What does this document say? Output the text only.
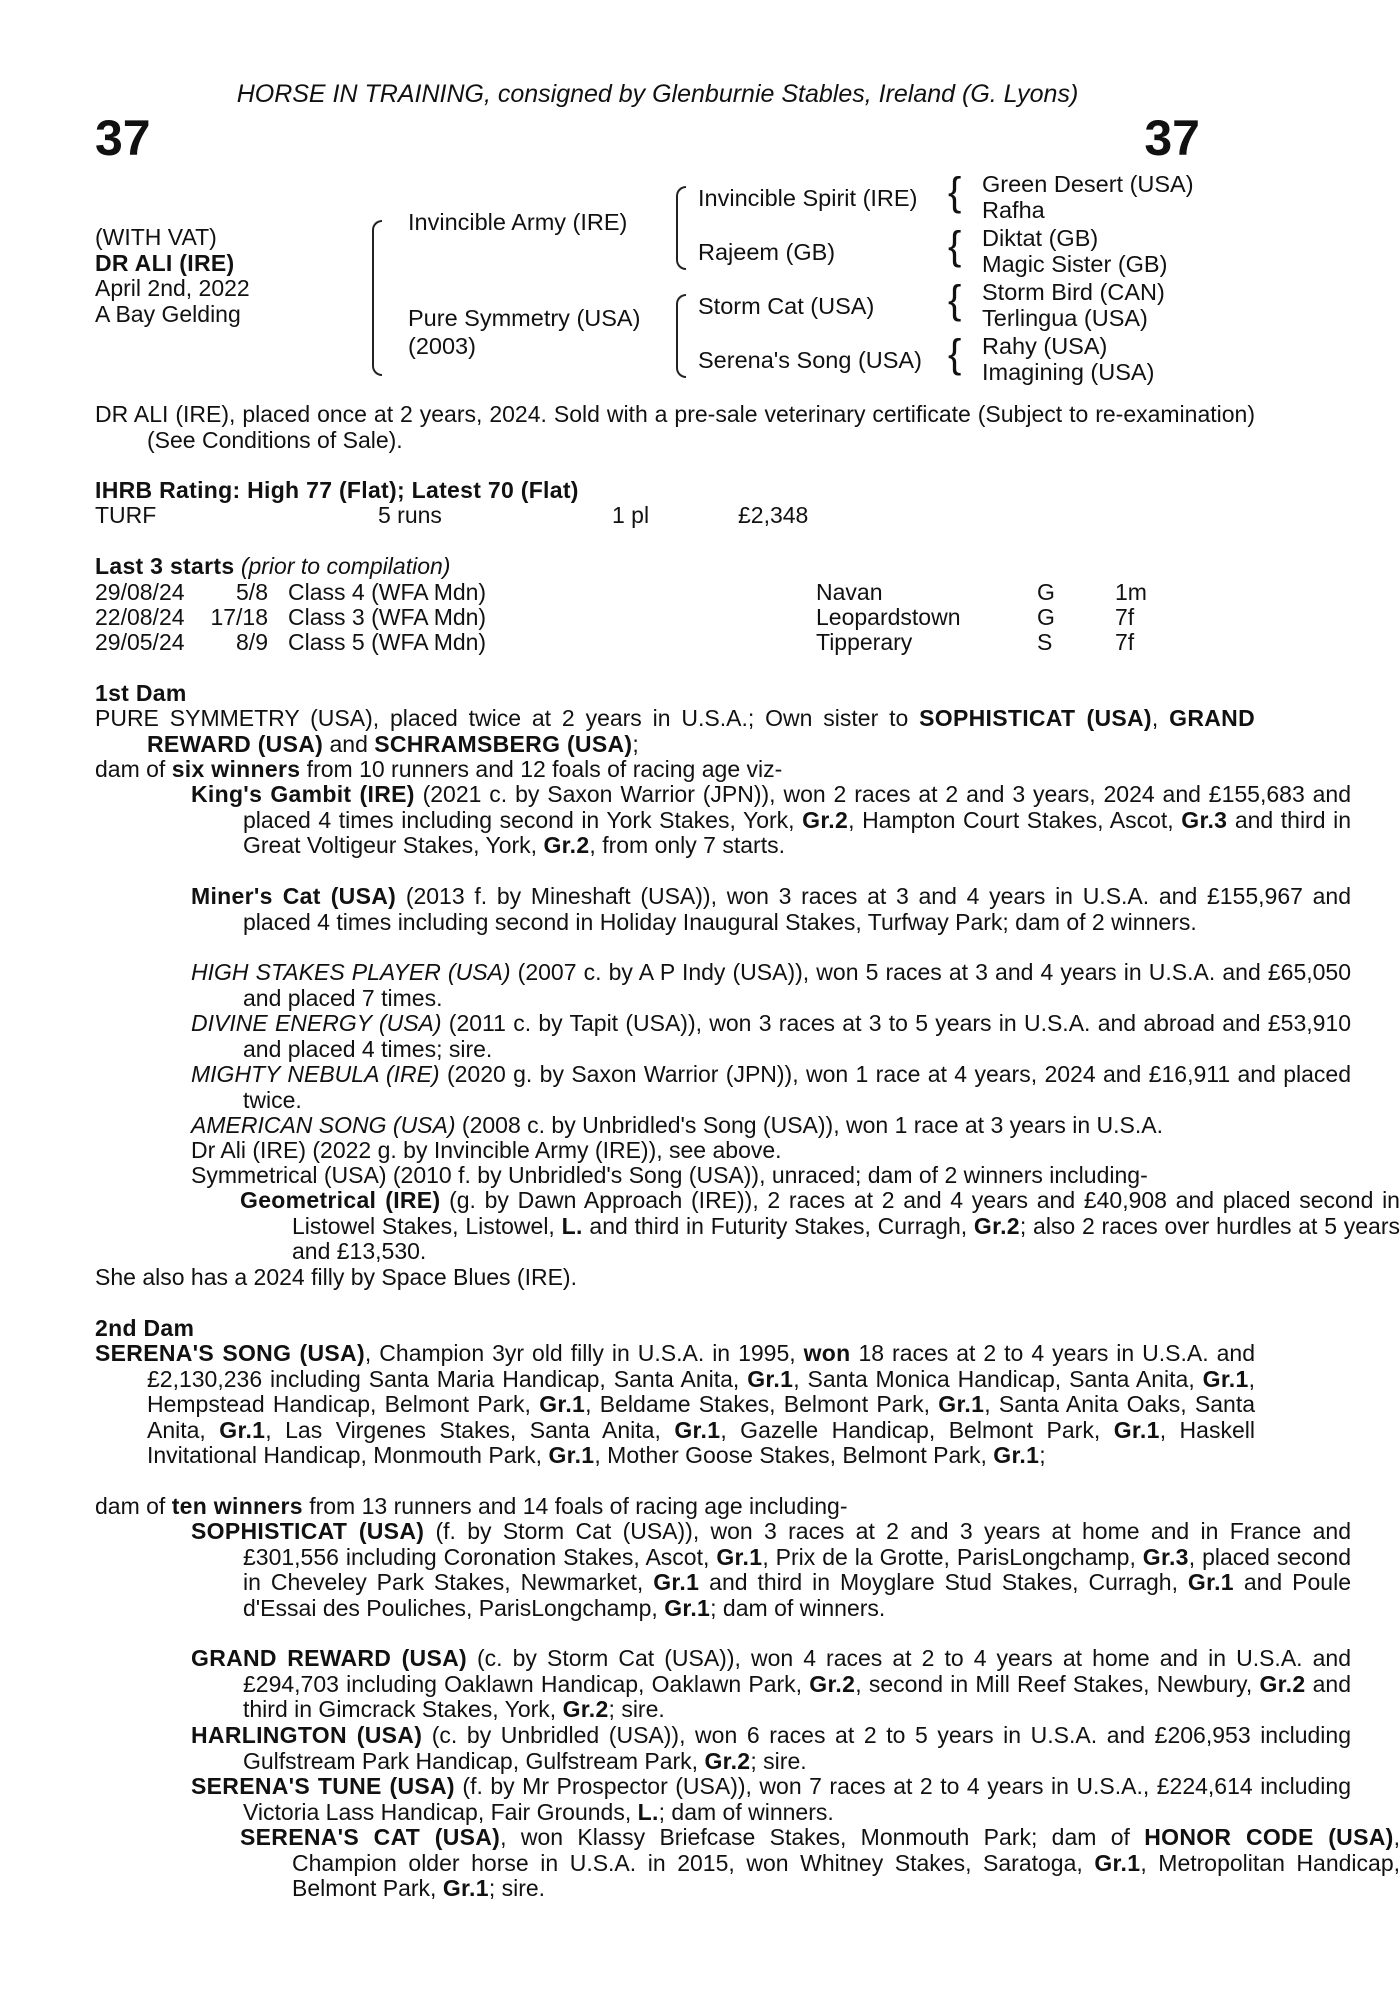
HORSE IN TRAINING, consigned by Glenburnie Stables, Ireland (G. Lyons)
37	37
(WITH VAT)
DR ALI (IRE)
April 2nd, 2022
A Bay Gelding
Invincible Army (IRE)
Pure Symmetry (USA)
(2003)
Invincible Spirit (IRE)
Rajeem (GB)
Storm Cat (USA)
Serena's Song (USA)
{
{
{
{
Green Desert (USA)
Rafha
Diktat (GB)
Magic Sister (GB)
Storm Bird (CAN)
Terlingua (USA)
Rahy (USA)
Imagining (USA)
DR ALI (IRE), placed once at 2 years, 2024. Sold with a pre-sale veterinary certificate (Subject to re-examination) (See Conditions of Sale).
IHRB Rating: High 77 (Flat); Latest 70 (Flat)
TURF	5 runs	1 pl	£2,348
Last 3 starts (prior to compilation)
29/08/24	5/8 Class 4 (WFA Mdn)	Navan	G	1m
22/08/24	17/18 Class 3 (WFA Mdn)	Leopardstown	G	7f
29/05/24	8/9 Class 5 (WFA Mdn)	Tipperary	S	7f
1st Dam
PURE SYMMETRY (USA), placed twice at 2 years in U.S.A.; Own sister to SOPHISTICAT (USA), GRAND REWARD (USA) and SCHRAMSBERG (USA);
dam of six winners from 10 runners and 12 foals of racing age viz-
King's Gambit (IRE) (2021 c. by Saxon Warrior (JPN)), won 2 races at 2 and 3 years, 2024 and £155,683 and placed 4 times including second in York Stakes, York, Gr.2, Hampton Court Stakes, Ascot, Gr.3 and third in Great Voltigeur Stakes, York, Gr.2, from only 7 starts.
Miner's Cat (USA) (2013 f. by Mineshaft (USA)), won 3 races at 3 and 4 years in U.S.A. and £155,967 and placed 4 times including second in Holiday Inaugural Stakes, Turfway Park; dam of 2 winners.
HIGH STAKES PLAYER (USA) (2007 c. by A P Indy (USA)), won 5 races at 3 and 4 years in U.S.A. and £65,050 and placed 7 times.
DIVINE ENERGY (USA) (2011 c. by Tapit (USA)), won 3 races at 3 to 5 years in U.S.A. and abroad and £53,910 and placed 4 times; sire.
MIGHTY NEBULA (IRE) (2020 g. by Saxon Warrior (JPN)), won 1 race at 4 years, 2024 and £16,911 and placed twice.
AMERICAN SONG (USA) (2008 c. by Unbridled's Song (USA)), won 1 race at 3 years in U.S.A.
Dr Ali (IRE) (2022 g. by Invincible Army (IRE)), see above.
Symmetrical (USA) (2010 f. by Unbridled's Song (USA)), unraced; dam of 2 winners including-
Geometrical (IRE) (g. by Dawn Approach (IRE)), 2 races at 2 and 4 years and £40,908 and placed second in Listowel Stakes, Listowel, L. and third in Futurity Stakes, Curragh, Gr.2; also 2 races over hurdles at 5 years and £13,530.
She also has a 2024 filly by Space Blues (IRE).
2nd Dam
SERENA'S SONG (USA), Champion 3yr old filly in U.S.A. in 1995, won 18 races at 2 to 4 years in U.S.A. and £2,130,236 including Santa Maria Handicap, Santa Anita, Gr.1, Santa Monica Handicap, Santa Anita, Gr.1, Hempstead Handicap, Belmont Park, Gr.1, Beldame Stakes, Belmont Park, Gr.1, Santa Anita Oaks, Santa Anita, Gr.1, Las Virgenes Stakes, Santa Anita, Gr.1, Gazelle Handicap, Belmont Park, Gr.1, Haskell Invitational Handicap, Monmouth Park, Gr.1, Mother Goose Stakes, Belmont Park, Gr.1;
dam of ten winners from 13 runners and 14 foals of racing age including-
SOPHISTICAT (USA) (f. by Storm Cat (USA)), won 3 races at 2 and 3 years at home and in France and £301,556 including Coronation Stakes, Ascot, Gr.1, Prix de la Grotte, ParisLongchamp, Gr.3, placed second in Cheveley Park Stakes, Newmarket, Gr.1 and third in Moyglare Stud Stakes, Curragh, Gr.1 and Poule d'Essai des Pouliches, ParisLongchamp, Gr.1; dam of winners.
GRAND REWARD (USA) (c. by Storm Cat (USA)), won 4 races at 2 to 4 years at home and in U.S.A. and £294,703 including Oaklawn Handicap, Oaklawn Park, Gr.2, second in Mill Reef Stakes, Newbury, Gr.2 and third in Gimcrack Stakes, York, Gr.2; sire.
HARLINGTON (USA) (c. by Unbridled (USA)), won 6 races at 2 to 5 years in U.S.A. and £206,953 including Gulfstream Park Handicap, Gulfstream Park, Gr.2; sire.
SERENA'S TUNE (USA) (f. by Mr Prospector (USA)), won 7 races at 2 to 4 years in U.S.A., £224,614 including Victoria Lass Handicap, Fair Grounds, L.; dam of winners.
SERENA'S CAT (USA), won Klassy Briefcase Stakes, Monmouth Park; dam of HONOR CODE (USA), Champion older horse in U.S.A. in 2015, won Whitney Stakes, Saratoga, Gr.1, Metropolitan Handicap, Belmont Park, Gr.1; sire.
